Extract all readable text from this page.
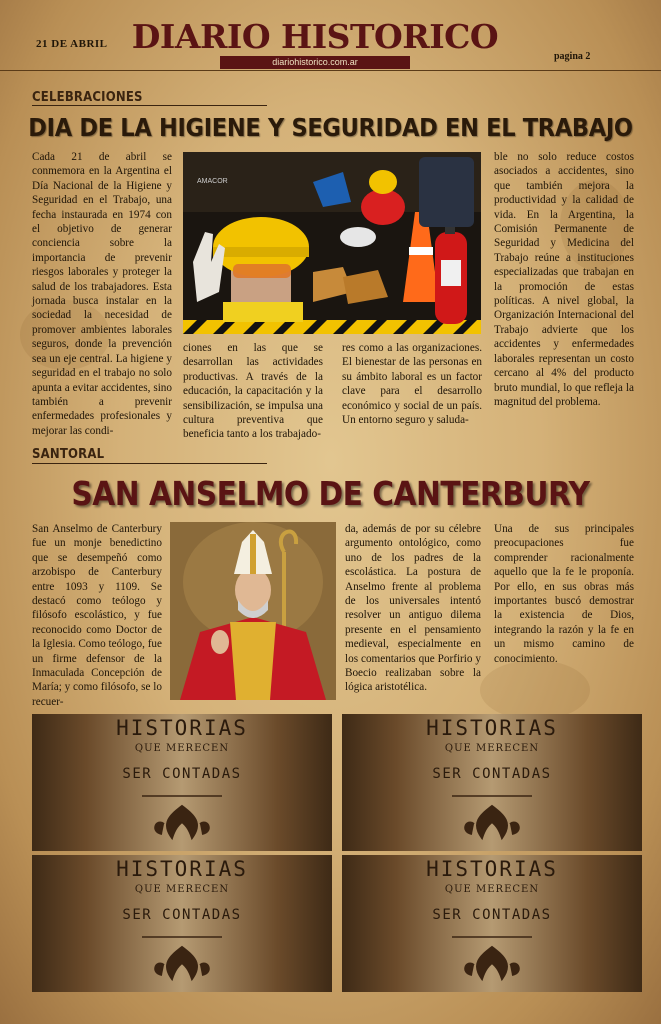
21 DE ABRIL DIARIO HISTORICO
diariohistorico.com.ar	pagina 2
CELEBRACIONES
DIA DE LA HIGIENE Y SEGURIDAD EN EL TRABAJO
Cada 21 de abril se conmemora en la Argentina el Día Nacional de la Higiene y Seguridad en el Trabajo, una fecha instaurada en 1974 con el objetivo de generar conciencia sobre la importancia de prevenir riesgos laborales y proteger la salud de los trabajadores. Esta jornada busca instalar en la sociedad la necesidad de promover ambientes laborales seguros, donde la prevención sea un eje central. La higiene y seguridad en el trabajo no solo apunta a evitar accidentes, sino también a prevenir enfermedades profesionales y mejorar las condi-
AMACOR
ciones en las que se desarrollan las actividades productivas. A través de la educación, la capacitación y la sensibilización, se impulsa una cultura preventiva que beneficia tanto a los trabajado-
res como a las organizaciones. El bienestar de las personas en su ámbito laboral es un factor clave para el desarrollo económico y social de un país. Un entorno seguro y saluda-
ble no solo reduce costos asociados a accidentes, sino que también mejora la productividad y la calidad de vida. En la Argentina, la Comisión Permanente de Seguridad y Medicina del Trabajo reúne a instituciones especializadas que trabajan en la promoción de estas políticas. A nivel global, la Organización Internacional del Trabajo advierte que los accidentes y enfermedades laborales representan un costo cercano al 4% del producto bruto mundial, lo que refleja la magnitud del problema.
SANTORAL
SAN ANSELMO DE CANTERBURY
San Anselmo de Canterbury fue un monje benedictino que se desempeñó como arzobispo de Canterbury entre 1093 y 1109. Se destacó como teólogo y filósofo escolástico, y fue reconocido como Doctor de la Iglesia. Como teólogo, fue un firme defensor de la Inmaculada Concepción de María; y como filósofo, se lo recuer-
da, además de por su célebre argumento ontológico, como uno de los padres de la escolástica. La postura de Anselmo frente al problema de los universales intentó resolver un antiguo dilema presente en el pensamiento medieval, especialmente en los comentarios que Porfirio y Boecio realizaban sobre la lógica aristotélica.
Una de sus principales preocupaciones fue comprender racionalmente aquello que la fe le proponía. Por ello, en sus obras más importantes buscó demostrar la existencia de Dios, integrando la razón y la fe en un mismo camino de conocimiento.
HISTORIAS
QUE MERECEN
SER CONTADAS
HISTORIAS
QUE MERECEN
SER CONTADAS
HISTORIAS
QUE MERECEN
SER CONTADAS
HISTORIAS
QUE MERECEN
SER CONTADAS
